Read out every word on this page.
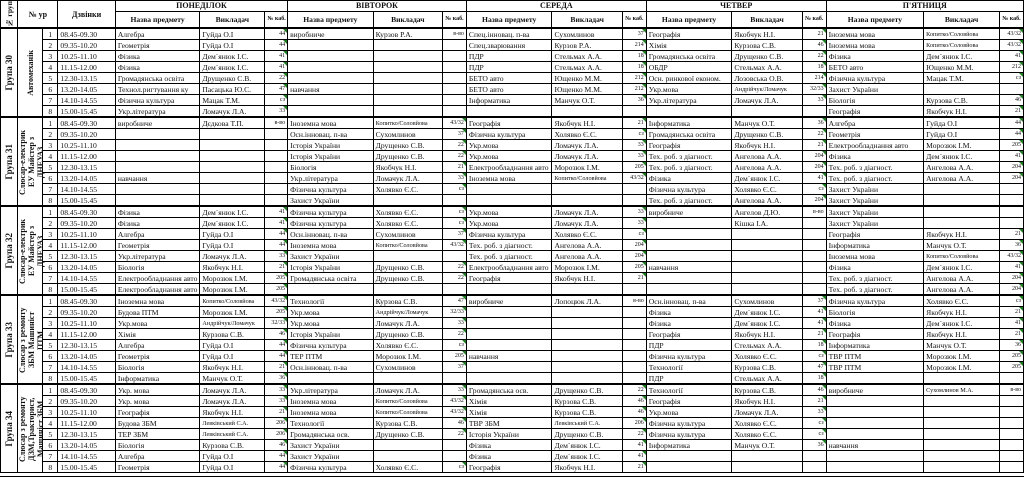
№ груп	№ ур		Дзвінки	ПОНЕДІЛОК			ВІВТОРОК			СЕРЕДА			ЧЕТВЕР			П'ЯТНИЦЯ		
				Назва предмету	Викладач	№ каб.	Назва предмету	Викладач	№ каб.	Назва предмету	Викладач	№ каб.	Назва предмету	Викладач	№ каб.	Назва предмету	Викладач	№ каб.

Група 30	Автомеханік	1	08.45-09.30	Алгебра	Гуйда О.І	44	виробниче	Курзов Р.А.	в-во	Спец.інновац. п-ва	Сухомлинов	37	Географія	Якобчук Н.І.	21	Іноземна мова	Копитко/Соловйова	43/32
		2	09.35-10.20	Геометрія	Гуйда О.І	44				Спец.зварювання	Курзов Р.А.	214	Хімія	Курзова С.В.	46	Іноземна мова	Копитко/Соловйова	43/32
		3	10.25-11.10	Фізика	Дем`янюк І.С.	41				ПДР	Стельмах А.А.	18	Громадянська освіта	Друщенко С.В.	22	Фізика	Дем`янюк І.С.	41
		4	11.15-12.00	Фізика	Дем`янюк І.С.	41				ПДР	Стельмах А.А.	18	ОБДР	Стельмах А.А.	18	БЕТО авто	Ющенко М.М.	212
		5	12.30-13.15	Громадянська освіта	Друщенко С.В.	22				БЕТО авто	Ющенко М.М.	212	Осн. ринкової економ.	Лозовська О.В.	214	Фізична культура	Мацак Т.М.	сз
		6	13.20-14.05	Технол.ригтування ку	Пасацька Ю.С.	47	навчання			БЕТО авто	Ющенко М.М.	212	Укр.мова	Андрійчук/Ломачук	32/33	Захист України		
		7	14.10-14.55	Фізична культура	Мацак Т.М.	сз				Інформатика	Манчук О.Т.	36	Укр.література	Ломачук Л.А.	33	Біологія	Курзова С.В.	46
		8	15.00-15.45	Укр.література	Ломачук Л.А.	33										Географія	Якобчук Н.І.	21

Група 31	Слюсар-електрик ЕУ Майстер з ДНЕУАЗ	1	08.45-09.30	виробниче	Дєдкова Т.П.	в-во	Іноземна мова	Копитко/Соловйова	43/32	Географія	Якобчук Н.І.	21	Інформатика	Манчук О.Т.	36	Алгебра	Гуйда О.І	44
		2	09.35-10.20				Осн.інновац. п-ва	Сухомлинов	37	Фізична культура	Холявко Є.С.	сз	Громадянська освіта	Друщенко С.В.	22	Геометрія	Гуйда О.І	44
		3	10.25-11.10				Історія України	Друщенко С.В.	22	Укр.мова	Ломачук Л.А.	33	Географія	Якобчук Н.І.	21	Електрообладнання авто	Морозюк І.М.	205
		4	11.15-12.00				Історія України	Друщенко С.В.	22	Укр.мова	Ломачук Л.А.	33	Тех. роб. з діагност.	Ангелова А.А.	204	Фізика	Дем`янюк І.С.	41
		5	12.30-13.15				Біологія	Якобчук Н.І.	21	Електрообладнання авто	Морозюк І.М.	205	Тех. роб. з діагност.	Ангелова А.А.	204	Тех. роб. з діагност.	Ангелова А.А.	204
		6	13.20-14.05	навчання			Укр.література	Ломачук Л.А.	33	Іноземна мова	Копитко/Соловйова	43/32	Фізика	Дем`янюк І.С.	41	Тех. роб. з діагност.	Ангелова А.А.	204
		7	14.10-14.55				Фізична культура	Холявко Є.С.	сз				Фізична культура	Холявко Є.С.	сз	Захист України		
		8	15.00-15.45				Захист України						Тех. роб. з діагност.	Ангелова А.А.	204	Захист України		

Група 32	Слюсар-електрик ЕУ Майстер з ДНЕУАЗ	1	08.45-09.30	Фізика	Дем`янюк І.С.	41	Фізична культура	Холявко Є.С.	сз	Укр.мова	Ломачук Л.А.	33	виробниче	Ангелов Д.Ю.	в-во	Захист України		
		2	09.35-10.20	Фізика	Дем`янюк І.С.	41	Фізична культура	Холявко Є.С.	сз	Укр.мова	Ломачук Л.А.	33		Кішка І.А.		Захист України		
		3	10.25-11.10	Алгебра	Гуйда О.І	44	Осн.інновац. п-ва	Сухомлинов	37	Фізична культура	Холявко Є.С.	сз				Географія	Якобчук Н.І.	21
		4	11.15-12.00	Геометрія	Гуйда О.І	44	Іноземна мова	Копитко/Соловйова	43/32	Тех. роб. з діагност.	Ангелова А.А.	204				Інформатика	Манчук О.Т.	36
		5	12.30-13.15	Укр.література	Ломачук Л.А.	33	Захист України			Тех. роб. з діагност.	Ангелова А.А.	204				Іноземна мова	Копитко/Соловйова	43/32
		6	13.20-14.05	Біологія	Якобчук Н.І.	21	Історія України	Друщенко С.В.	22	Електрообладнання авто	Морозюк І.М.	205	навчання			Фізика	Дем`янюк І.С.	41
		7	14.10-14.55	Електрообладнання авто	Морозюк І.М.	205	Громадянська освіта	Друщенко С.В.	22	Географія	Якобчук Н.І.	21				Тех. роб. з діагност.	Ангелова А.А.	204
		8	15.00-15.45	Електрообладнання авто	Морозюк І.М.	205										Тех. роб. з діагност.	Ангелова А.А.	204

Група 33	Слюсар з ремонту ЗБМ Машиніст ПТМ	1	08.45-09.30	Іноземна мова	Копитко/Соловйова	43/32	Технології	Курзова С.В.	47	виробниче	Лопоцюк Л.А.	в-во	Осн.інновац. п-ва	Сухомлинов	37	Фізична культура	Холявко Є.С.	сз
		2	09.35-10.20	Будова ПТМ	Морозюк І.М.	205	Укр.мова	Андрійчук/Ломачук	32/33				Фізика	Дем`янюк І.С.	41	Біологія	Якобчук Н.І.	21
		3	10.25-11.10	Укр.мова	Андрійчук/Ломачук	32/33	Укр.мова	Ломачук Л.А.	33				Фізика	Дем`янюк І.С.	41	Фізика	Дем`янюк І.С.	41
		4	11.15-12.00	Хімія	Курзова С.В.	46	Історія України	Друщенко С.В.	22				Географія	Якобчук Н.І.	21	Географія	Якобчук Н.І.	21
		5	12.30-13.15	Алгебра	Гуйда О.І	44	Фізична культура	Холявко Є.С.	сз				ПДР	Стельмах А.А.	18	Інформатика	Манчук О.Т.	36
		6	13.20-14.05	Геометрія	Гуйда О.І	44	ТЕР ПТМ	Морозюк І.М.	205	навчання			Фізична культура	Холявко Є.С.	сз	ТВР ПТМ	Морозюк І.М.	205
		7	14.10-14.55	Біологія	Якобчук Н.І.	21	Осн.інновац. п-ва	Сухомлинов	37				Технології	Курзова С.В.	47	ТВР ПТМ	Морозюк І.М.	205
		8	15.00-15.45	Інформатика	Манчук О.Т.	36							ПДР	Стельмах А.А.	18			

Група 34	Слюсар з ремонту ДЗМ,Тракторист, Машиніст ЗБМ	1	08.45-09.30	Укр. мова	Ломачук Л.А.	33	Укр.література	Ломачук Л.А.	33	Громадянська осв.	Друщенко С.В.	22	Технології	Курзова С.В.	46	виробниче	Сухомлинов М.А.	в-во
		2	09.35-10.20	Укр. мова	Ломачук Л.А.	33	Іноземна мова	Копитко/Соловйова	43/32	Хімія	Курзова С.В.	46	Географія	Якобчук Н.І.	21			
		3	10.25-11.10	Географія	Якобчук Н.І.	21	Іноземна мова	Копитко/Соловйова	43/32	Хімія	Курзова С.В.	46	Укр.мова	Ломачук Л.А.	33			
		4	11.15-12.00	Будова ЗБМ	Левківський С.А.	206	Технології	Курзова С.В.	46	ТВР ЗБМ	Левківський С.А.	206	Фізична культура	Холявко Є.С.	сз			
		5	12.30-13.15	ТЕР ЗБМ	Левківський С.А.	206	Громадянська осв.	Друщенко С.В.	22	Історія України	Друщенко С.В.	22	Фізична культура	Холявко Є.С.	сз			
		6	13.20-14.05	Біологія	Курзова С.В.	46	Захист України			Фізика	Дем`янюк І.С.	41	Інформатика	Манчук О.Т.	36	навчання		
		7	14.10-14.55	Алгебра	Гуйда О.І	44	Захист України			Фізика	Дем`янюк І.С.	41						
		8	15.00-15.45	Геометрія	Гуйда О.І	44	Фізична культура	Холявко Є.С.	сз	Географія	Якобчук Н.І.	21						
